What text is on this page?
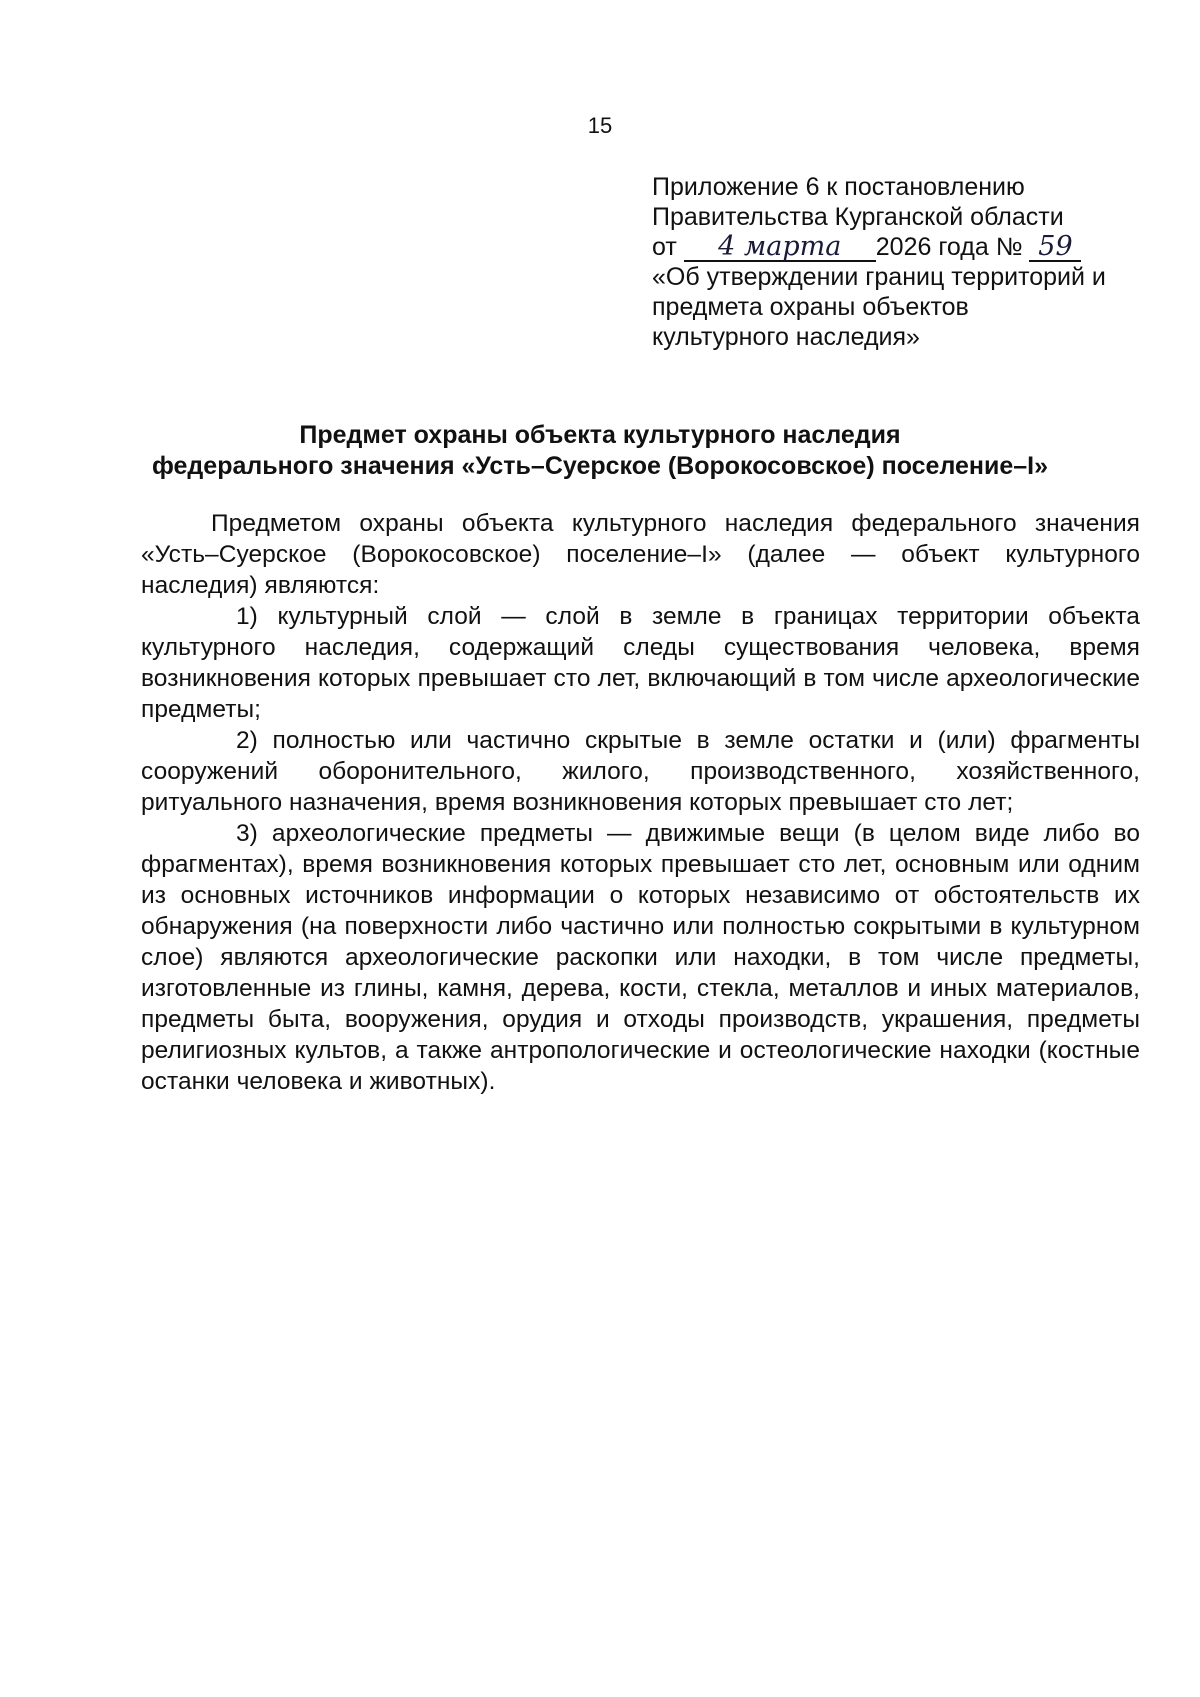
15
Приложение 6 к постановлению
Правительства Курганской области
от 4 марта 2026 года № 59
«Об утверждении границ территорий и
предмета охраны объектов
культурного наследия»
Предмет охраны объекта культурного наследия
федерального значения «Усть–Суерское (Ворокосовское) поселение–I»

Предметом охраны объекта культурного наследия федерального значения «Усть–Суерское (Ворокосовское) поселение–I» (далее — объект культурного наследия) являются:

1) культурный слой — слой в земле в границах территории объекта культурного наследия, содержащий следы существования человека, время возникновения которых превышает сто лет, включающий в том числе археологические предметы;

2) полностью или частично скрытые в земле остатки и (или) фрагменты сооружений оборонительного, жилого, производственного, хозяйственного, ритуального назначения, время возникновения которых превышает сто лет;

3) археологические предметы — движимые вещи (в целом виде либо во фрагментах), время возникновения которых превышает сто лет, основным или одним из основных источников информации о которых независимо от обстоятельств их обнаружения (на поверхности либо частично или полностью сокрытыми в культурном слое) являются археологические раскопки или находки, в том числе предметы, изготовленные из глины, камня, дерева, кости, стекла, металлов и иных материалов, предметы быта, вооружения, орудия и отходы производств, украшения, предметы религиозных культов, а также антропологические и остеологические находки (костные останки человека и животных).
